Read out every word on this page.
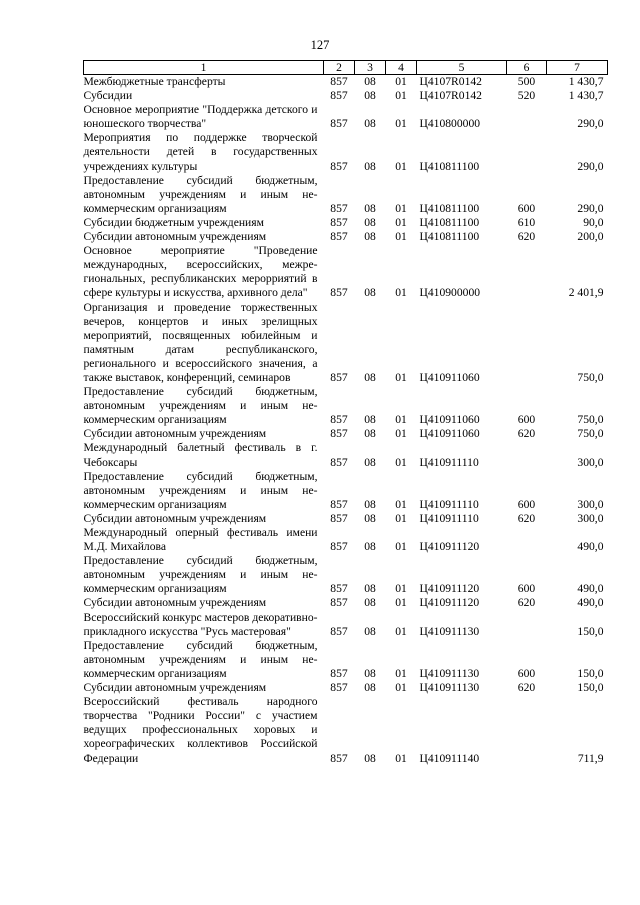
127
1	2	3	4	5	6	7
Межбюджетные трансферты	857	08	01	Ц4107R0142	500	1 430,7
Субсидии	857	08	01	Ц4107R0142	520	1 430,7
Основное мероприятие "Поддержка детского и юношеского творчества"	857	08	01	Ц410800000		290,0
Мероприятия по поддержке творческой деятельности детей в государственных учреждениях культуры	857	08	01	Ц410811100		290,0
Предоставление субсидий бюджетным, автономным учреждениям и иным некоммерческим организациям	857	08	01	Ц410811100	600	290,0
Субсидии бюджетным учреждениям	857	08	01	Ц410811100	610	90,0
Субсидии автономным учреждениям	857	08	01	Ц410811100	620	200,0
Основное мероприятие "Проведение международных, всероссийских, межрегиональных, республиканских мероpриятий в сфере культуры и искусства, архивного дела"	857	08	01	Ц410900000		2 401,9
Организация и проведение торжественных вечеров, концертов и иных зрелищных мероприятий, посвященных юбилейным и памятным датам республиканского, регионального и всероссийского значения, а также выставок, конференций, семинаров	857	08	01	Ц410911060		750,0
Предоставление субсидий бюджетным, автономным учреждениям и иным некоммерческим организациям	857	08	01	Ц410911060	600	750,0
Субсидии автономным учреждениям	857	08	01	Ц410911060	620	750,0
Международный балетный фестиваль в г. Чебоксары	857	08	01	Ц410911110		300,0
Предоставление субсидий бюджетным, автономным учреждениям и иным некоммерческим организациям	857	08	01	Ц410911110	600	300,0
Субсидии автономным учреждениям	857	08	01	Ц410911110	620	300,0
Международный оперный фестиваль имени М.Д. Михайлова	857	08	01	Ц410911120		490,0
Предоставление субсидий бюджетным, автономным учреждениям и иным некоммерческим организациям	857	08	01	Ц410911120	600	490,0
Субсидии автономным учреждениям	857	08	01	Ц410911120	620	490,0
Всероссийский конкурс мастеров декоративно-прикладного искусства "Русь мастеровая"	857	08	01	Ц410911130		150,0
Предоставление субсидий бюджетным, автономным учреждениям и иным некоммерческим организациям	857	08	01	Ц410911130	600	150,0
Субсидии автономным учреждениям	857	08	01	Ц410911130	620	150,0
Всероссийский фестиваль народного творчества "Родники России" с участием ведущих профессиональных хоровых и хореографических коллективов Российской Федерации	857	08	01	Ц410911140		711,9
